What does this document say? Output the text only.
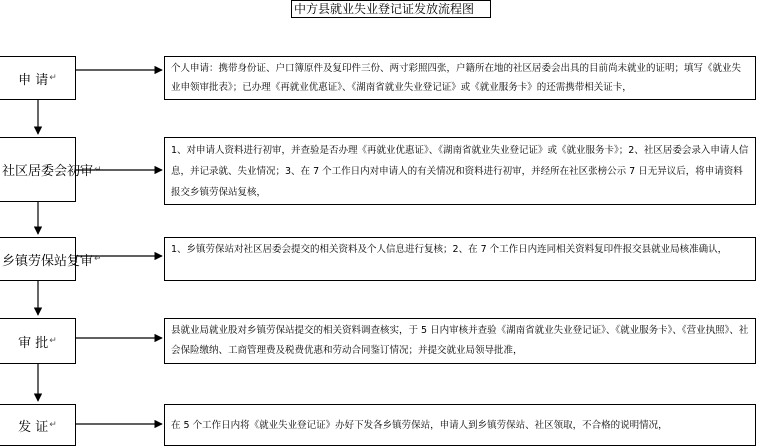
中方县就业失业登记证发放流程图
申 请 ↵
社区居委会初审 ↵
乡镇劳保站复审 ↵
审 批 ↵
发 证 ↵
个人申请：携带身份证、户口簿原件及复印件三份、两寸彩照四张，户籍所在地的社区居委会出具的目前尚未就业的证明；填写《就业失业申领审批表》；已办理《再就业优惠证》、《湖南省就业失业登记证》或《就业服务卡》的还需携带相关证卡，
1、对申请人资料进行初审，并查验是否办理《再就业优惠证》、《湖南省就业失业登记证》或《就业服务卡》；2、社区居委会录入申请人信息，并记录就、失业情况；3、在 7 个工作日内对申请人的有关情况和资料进行初审，并经所在社区张榜公示 7 日无异议后，将申请资料报交乡镇劳保站复核，
1、乡镇劳保站对社区居委会提交的相关资料及个人信息进行复核；2、在 7 个工作日内连同相关资料复印件报交县就业局核准确认，
县就业局就业股对乡镇劳保站提交的相关资料调查核实，于 5 日内审核并查验《湖南省就业失业登记证》、《就业服务卡》、《营业执照》、社会保险缴纳、工商管理费及税费优惠和劳动合同鉴订情况；并提交就业局领导批准，
在 5 个工作日内将《就业失业登记证》办好下发各乡镇劳保站，申请人到乡镇劳保站、社区领取，不合格的说明情况，
